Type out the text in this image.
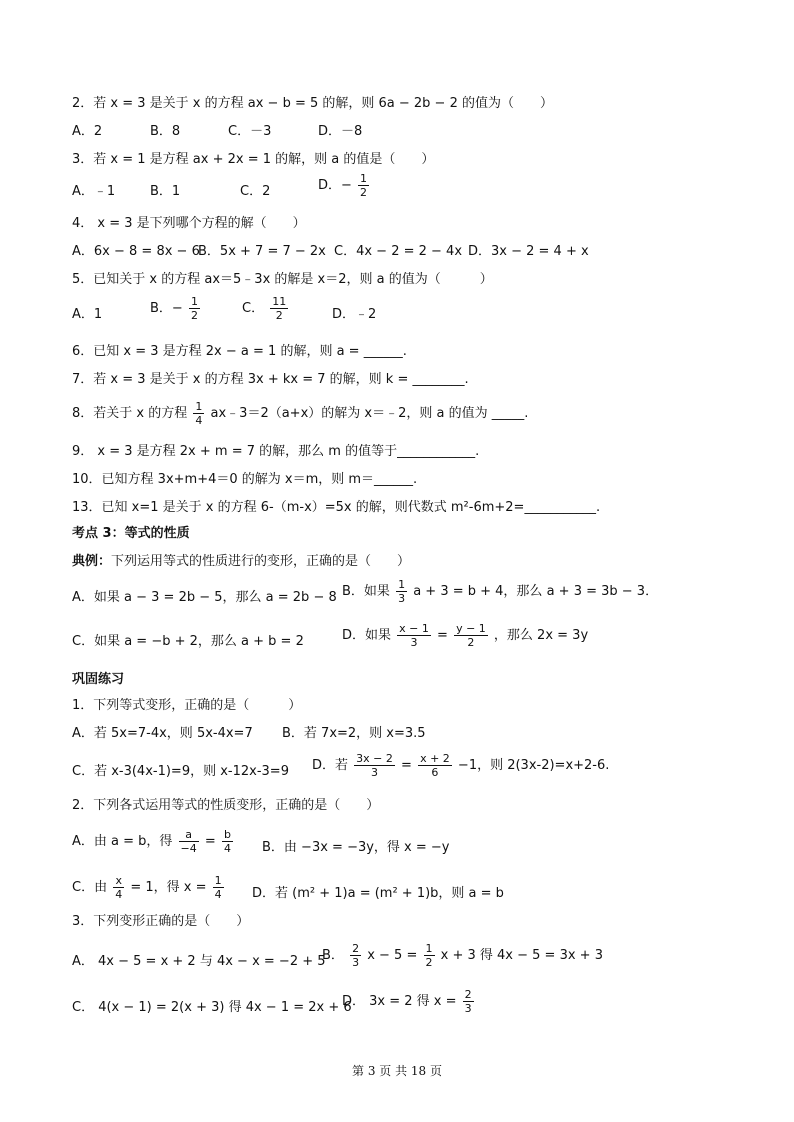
2．若 x = 3 是关于 x 的方程 ax − b = 5 的解，则 6a − 2b − 2 的值为（　　）
A．2	B．8	C．－3	D．－8
3．若 x = 1 是方程 ax + 2x = 1 的解，则 a 的值是（　　）
A．﹣1	B．1	C．2	D．− $\frac{1}{2}$
4． x = 3 是下列哪个方程的解（　　）
A．6x − 8 = 8x − 6
B．5x + 7 = 7 − 2x C．4x − 2 = 2 − 4x D．3x − 2 = 4 + x
5．已知关于 x 的方程 ax＝5﹣3x 的解是 x＝2，则 a 的值为（　　　）
A．1	B．− $\frac{1}{2}$	C． $\frac{11}{2}$	D．﹣2
6．已知 x = 3 是方程 2x − a = 1 的解，则 a = ______.
7．若 x = 3 是关于 x 的方程 3x + kx = 7 的解，则 k = ________.
8．若关于 x 的方程 $\frac{1}{4}$ ax﹣3＝2（a+x）的解为 x＝﹣2，则 a 的值为 _____.
9． x = 3 是方程 2x + m = 7 的解，那么 m 的值等于____________.
10．已知方程 3x+m+4＝0 的解为 x＝m，则 m＝______.
13．已知 x=1 是关于 x 的方程 6-（m-x）=5x 的解，则代数式 m²-6m+2=___________.
考点 3：等式的性质
典例：下列运用等式的性质进行的变形，正确的是（　　）
A．如果 a − 3 = 2b − 5，那么 a = 2b − 8 B．如果 $\frac{1}{3}$ a + 3 = b + 4，那么 a + 3 = 3b − 3．
C．如果 a = −b + 2，那么 a + b = 2	D．如果 $\frac{x - 1}{3} = \frac{y - 1}{2}$ ，那么 2x = 3y
巩固练习
1．下列等式变形，正确的是（　　　）
A．若 5x=7-4x，则 5x-4x=7 B．若 7x=2，则 x=3.5
C．若 x-3(4x-1)=9，则 x-12x-3=9 D．若 $\frac{3x - 2}{3} = \frac{x + 2}{6} -1$，则 2(3x-2)=x+2-6.
2．下列各式运用等式的性质变形，正确的是（　　）
A．由 a = b，得 $\frac{a}{-4} = \frac{b}{4}$ B．由 −3x = −3y，得 x = −y
C．由 $\frac{x}{4} = 1$，得 $x = \frac{1}{4}$ D．若 (m² + 1)a = (m² + 1)b，则 a = b
3．下列变形正确的是（　　）
A． 4x − 5 = x + 2 与 4x − x = −2 + 5
B． $\frac{2}{3}$ $x - 5 = \frac{1}{2}$ x + 3 得 4x − 5 = 3x + 3
C． 4(x − 1) = 2(x + 3) 得 4x − 1 = 2x + 6
D． 3x = 2 得 $x = \frac{2}{3}$
第 3 页 共 18 页
